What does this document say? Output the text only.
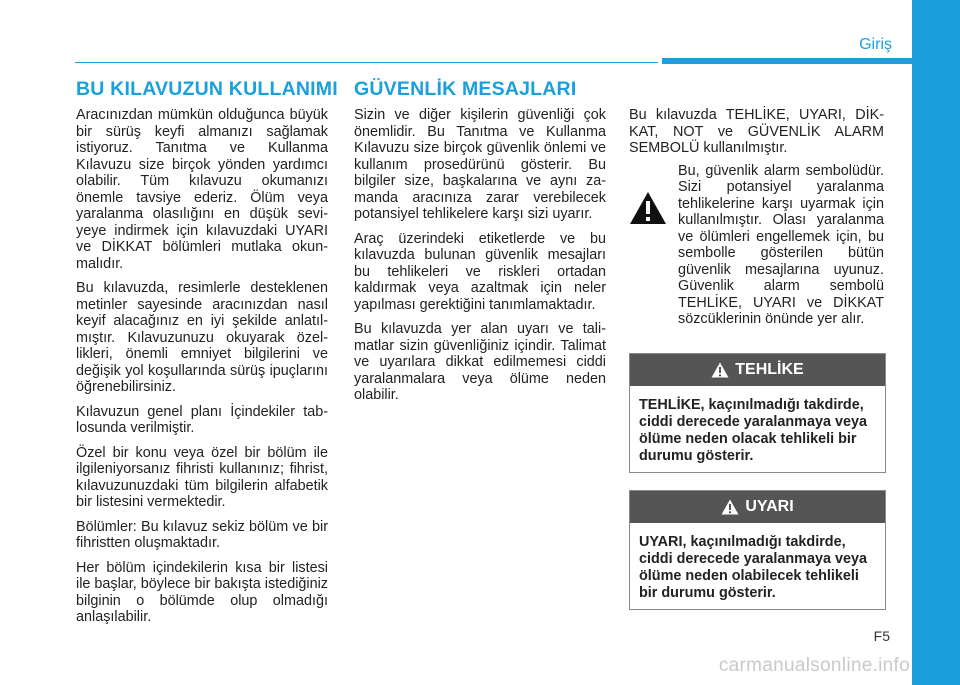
Giriş
BU KILAVUZUN KULLANIMI GÜVENLİK MESAJLARI

Aracınızdan mümkün olduğunca büyük bir sürüş keyfi almanızı sağlamak istiyoruz. Tanıtma ve Kullanma Kılavuzu size birçok yönden yardımcı olabilir. Tüm kılavuzu okumanızı önemle tavsiye ederiz. Ölüm veya yaralanma olasılığını en düşük seviyeye indirmek için kılavuzdaki UYARI ve DİKKAT bölümleri mutlaka okunmalıdır.

Bu kılavuzda, resimlerle desteklenen metinler sayesinde aracınızdan nasıl keyif alacağınız en iyi şekilde anlatılmıştır. Kılavuzunuzu okuyarak özellikleri, önemli emniyet bilgilerini ve değişik yol koşullarında sürüş ipuçlarını öğrenebilirsiniz.

Kılavuzun genel planı İçindekiler tablosunda verilmiştir.

Özel bir konu veya özel bir bölüm ile ilgileniyorsanız fihristi kullanınız; fihrist, kılavuzunuzdaki tüm bilgilerin alfabetik bir listesini vermektedir.

Bölümler: Bu kılavuz sekiz bölüm ve bir fihristten oluşmaktadır.

Her bölüm içindekilerin kısa bir listesi ile başlar, böylece bir bakışta istediğiniz bilginin o bölümde olup olmadığı anlaşılabilir.

Sizin ve diğer kişilerin güvenliği çok önemlidir. Bu Tanıtma ve Kullanma Kılavuzu size birçok güvenlik önlemi ve kullanım prosedürünü gösterir. Bu bilgiler size, başkalarına ve aynı zamanda aracınıza zarar verebilecek potansiyel tehlikelere karşı sizi uyarır.

Araç üzerindeki etiketlerde ve bu kılavuzda bulunan güvenlik mesajları bu tehlikeleri ve riskleri ortadan kaldırmak veya azaltmak için neler yapılması gerektiğini tanımlamaktadır.

Bu kılavuzda yer alan uyarı ve talimatlar sizin güvenliğiniz içindir. Talimat ve uyarılara dikkat edilmemesi ciddi yaralanmalara veya ölüme neden olabilir.

Bu kılavuzda TEHLİKE, UYARI, DİKKAT, NOT ve GÜVENLİK ALARM SEMBOLÜ kullanılmıştır.

Bu, güvenlik alarm sembolüdür. Sizi potansiyel yaralanma tehlikelerine karşı uyarmak için kullanılmıştır. Olası yaralanma ve ölümleri engellemek için, bu sembolle gösterilen bütün güvenlik mesajlarına uyunuz. Güvenlik alarm sembolü TEHLİKE, UYARI ve DİKKAT sözcüklerinin önünde yer alır.

TEHLİKE
TEHLİKE, kaçınılmadığı takdirde, ciddi derecede yaralanmaya veya ölüme neden olacak tehlikeli bir durumu gösterir.
UYARI
UYARI, kaçınılmadığı takdirde, ciddi derecede yaralanmaya veya ölüme neden olabilecek tehlikeli bir durumu gösterir.
F5
carmanualsonline.info
